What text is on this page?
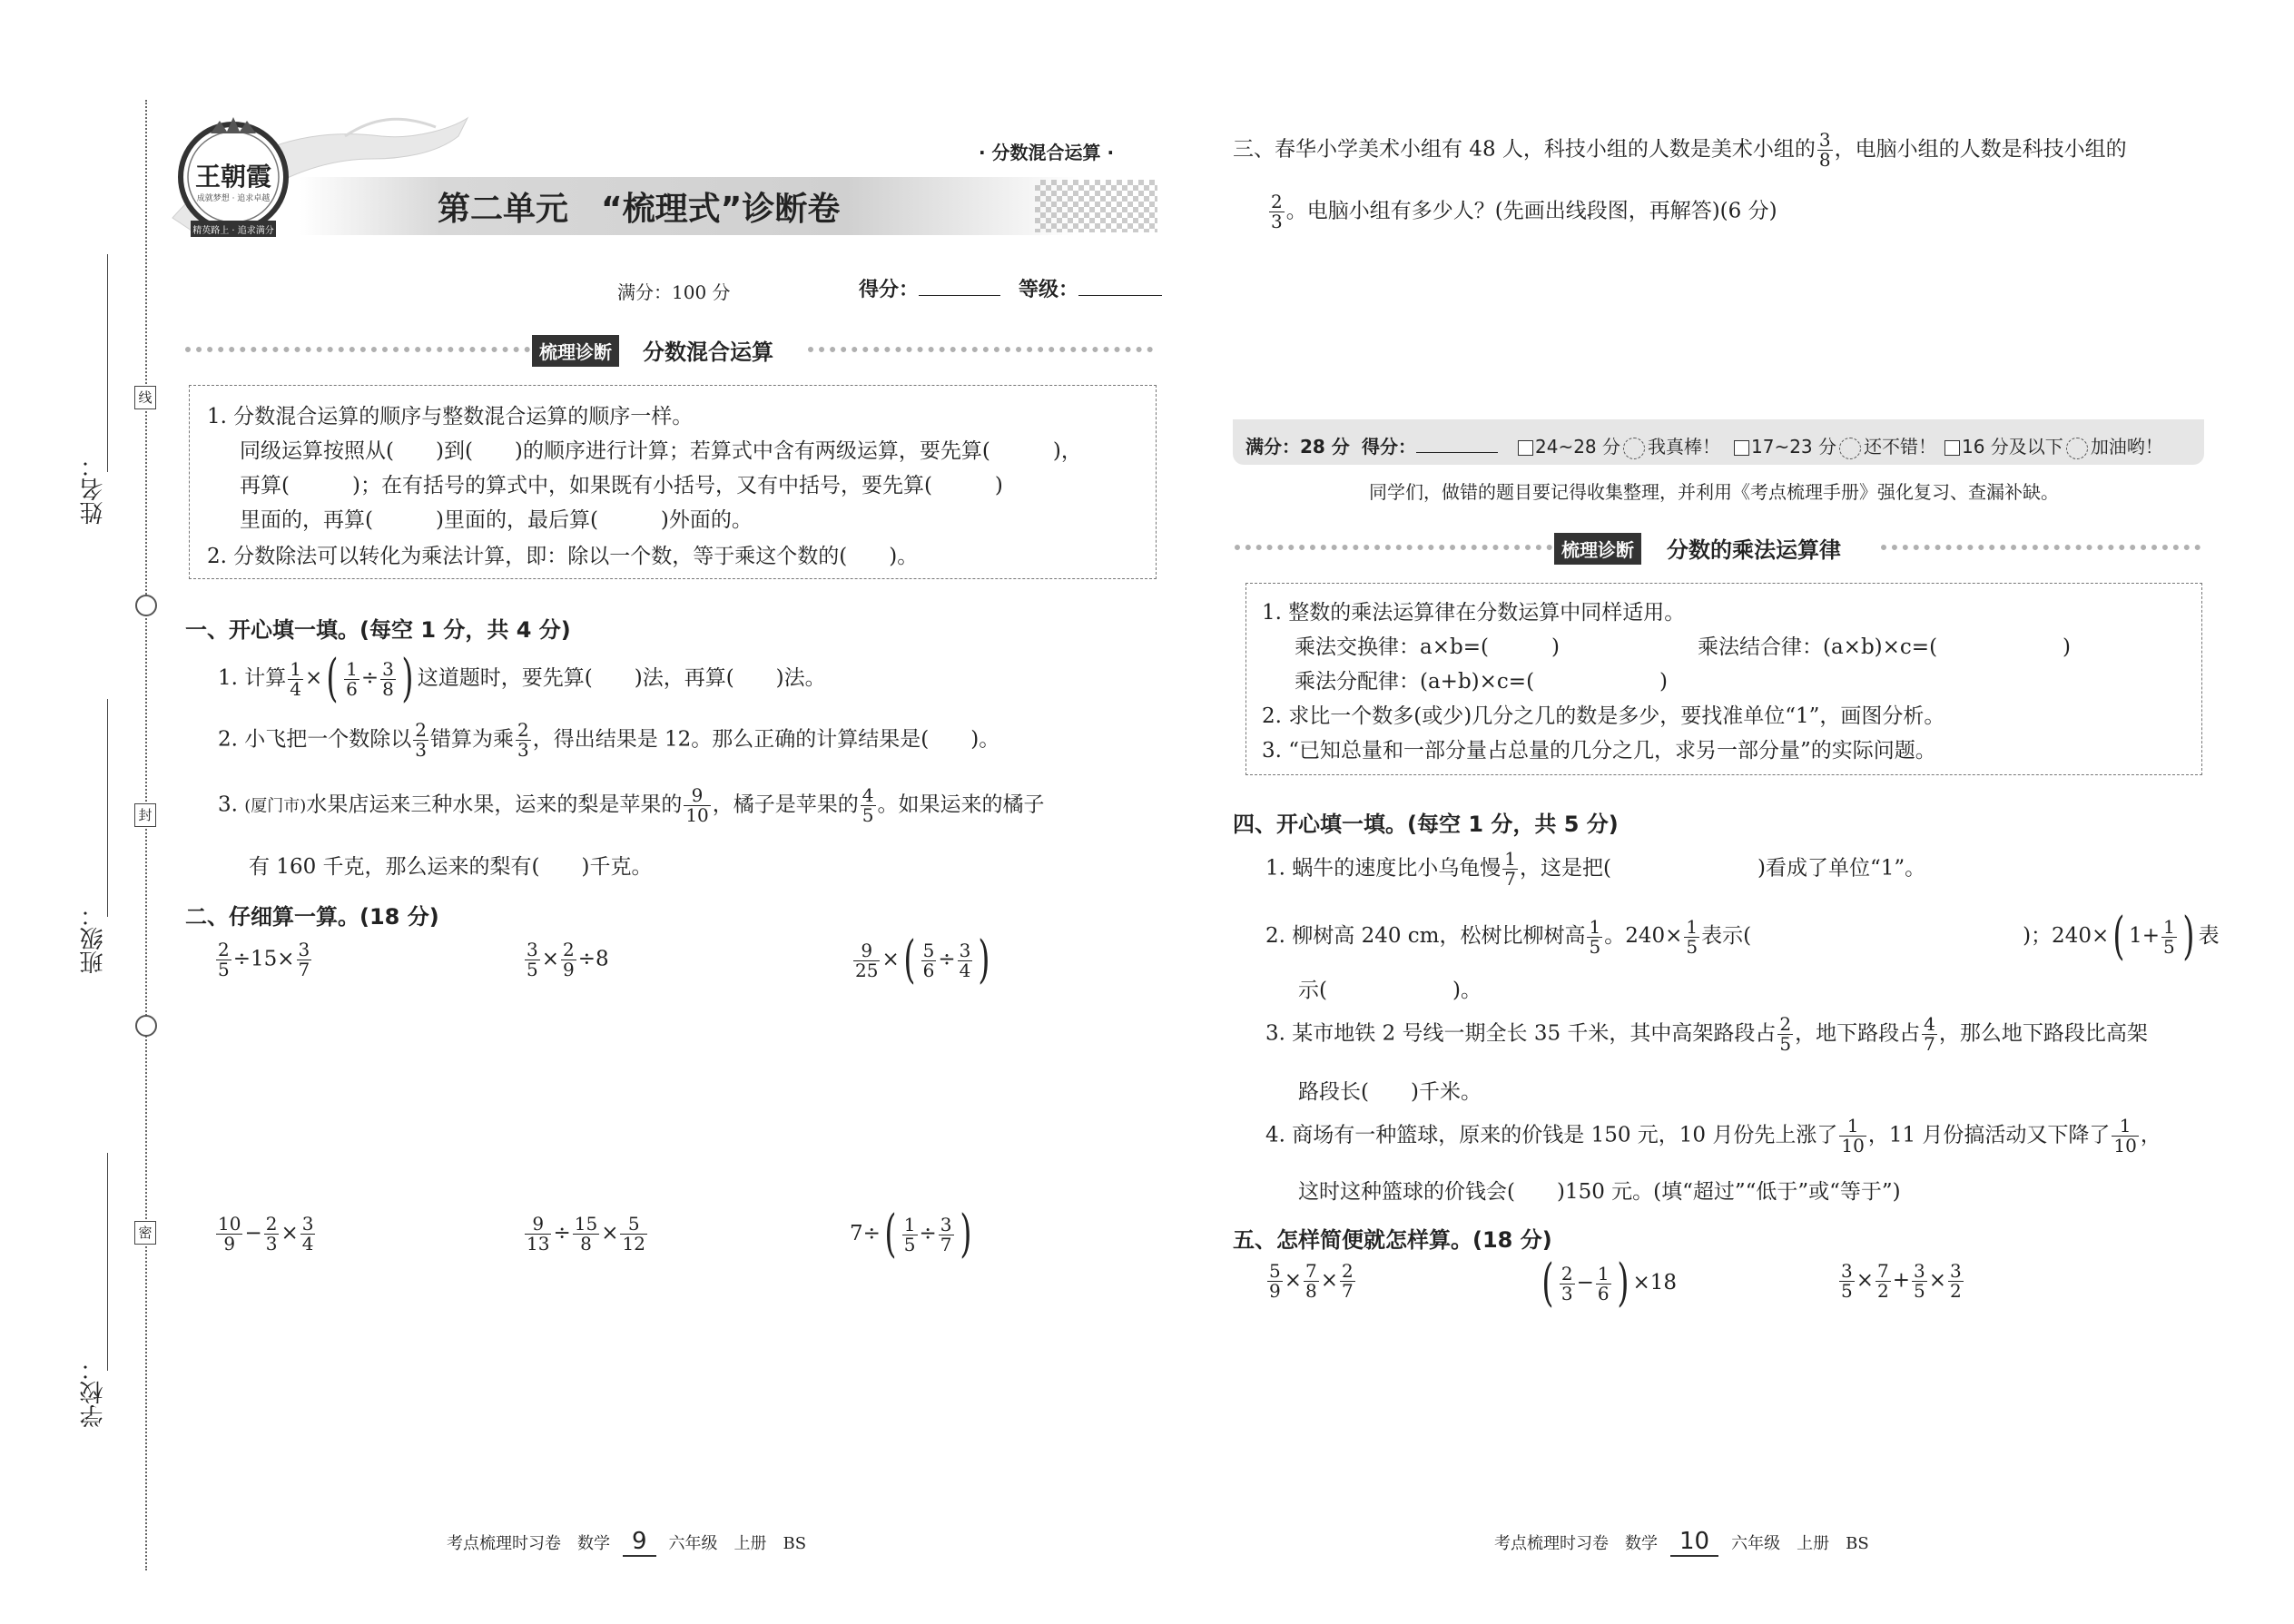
姓名：
班级：
学校：
线
封
密
王朝霞
成就梦想 · 追求卓越
精英路上 · 追求满分
· 分数混合运算 ·
第二单元　“梳理式”诊断卷
满分：100 分	得分：	等级：
梳理诊断	分数混合运算
1. 分数混合运算的顺序与整数混合运算的顺序一样。
同级运算按照从(　　)到(　　)的顺序进行计算；若算式中含有两级运算，要先算(　　　)，
再算(　　　)；在有括号的算式中，如果既有小括号，又有中括号，要先算(　　　)
里面的，再算(　　　)里面的，最后算(　　　)外面的。
2. 分数除法可以转化为乘法计算，即：除以一个数，等于乘这个数的(　　)。
一、开心填一填。(每空 1 分，共 4 分)
1. 计算 $\frac{1}{4}$ ×( $\frac{1}{6} \div \frac{3}{8}$ ) 这道题时，要先算(　　)法，再算(　　)法。
2. 小飞把一个数除以 $\frac{2}{3}$ 错算为乘 $\frac{2}{3}$ ，得出结果是 12。那么正确的计算结果是(　　)。
3. (厦门市)水果店运来三种水果，运来的梨是苹果的 $\frac{9}{10}$ ，橘子是苹果的 $\frac{4}{5}$ 。如果运来的橘子
有 160 千克，那么运来的梨有(　　)千克。
二、仔细算一算。(18 分)
$\frac{2}{5} \div 15\times \frac{3}{7}$	$\frac{3}{5} \times \frac{2}{9} \div 8$	$\frac{9}{25}$ ×( $\frac{5}{6} \div \frac{3}{4}$ )
$\frac{10}{9} - \frac{2}{3} \times \frac{3}{4}$	$\frac{9}{13} \div \frac{15}{8} \times \frac{5}{12}$	$7\div( \frac{1}{5} \div \frac{3}{7}$ )
三、春华小学美术小组有 48 人，科技小组的人数是美术小组的 $\frac{3}{8}$ ，电脑小组的人数是科技小组的
$\frac{2}{3}$ 。电脑小组有多少人？(先画出线段图，再解答)(6 分)
满分：28 分 得分：	24~28 分 我真棒！	17~23 分 还不错！	16 分及以下 加油哟！
同学们，做错的题目要记得收集整理，并利用《考点梳理手册》强化复习、查漏补缺。
梳理诊断	分数的乘法运算律
1. 整数的乘法运算律在分数运算中同样适用。
乘法交换律：a×b=(　　　)	乘法结合律：(a×b)×c=(　　　　　　)
乘法分配律：(a+b)×c=(　　　　　　)
2. 求比一个数多(或少)几分之几的数是多少，要找准单位“1”，画图分析。
3. “已知总量和一部分量占总量的几分之几，求另一部分量”的实际问题。
四、开心填一填。(每空 1 分，共 5 分)
1. 蜗牛的速度比小乌龟慢 $\frac{1}{7}$ ，这是把(　　　　　　　)看成了单位“1”。
2. 柳树高 240 cm，松树比柳树高 $\frac{1}{5}$ 。$240\times \frac{1}{5}$ 表示(　　　　　　　　　　　　　)；240×( $1+ \frac{1}{5}$ ) 表
示(　　　　　　)。
3. 某市地铁 2 号线一期全长 35 千米，其中高架路段占 $\frac{2}{5}$ ，地下路段占 $\frac{4}{7}$ ，那么地下路段比高架
路段长(　　)千米。
4. 商场有一种篮球，原来的价钱是 150 元，10 月份先上涨了 $\frac{1}{10}$ ，11 月份搞活动又下降了 $\frac{1}{10}$ ，
这时这种篮球的价钱会(　　)150 元。(填“超过”“低于”或“等于”)
五、怎样简便就怎样算。(18 分)
$\frac{5}{9} \times \frac{7}{8} \times \frac{2}{7}$	( $\frac{2}{3} - \frac{1}{6}$ ) ×18	$\frac{3}{5} \times \frac{7}{2} + \frac{3}{5} \times \frac{3}{2}$
考点梳理时习卷　数学 9 六年级　上册　BS	考点梳理时习卷　数学 10 六年级　上册　BS
